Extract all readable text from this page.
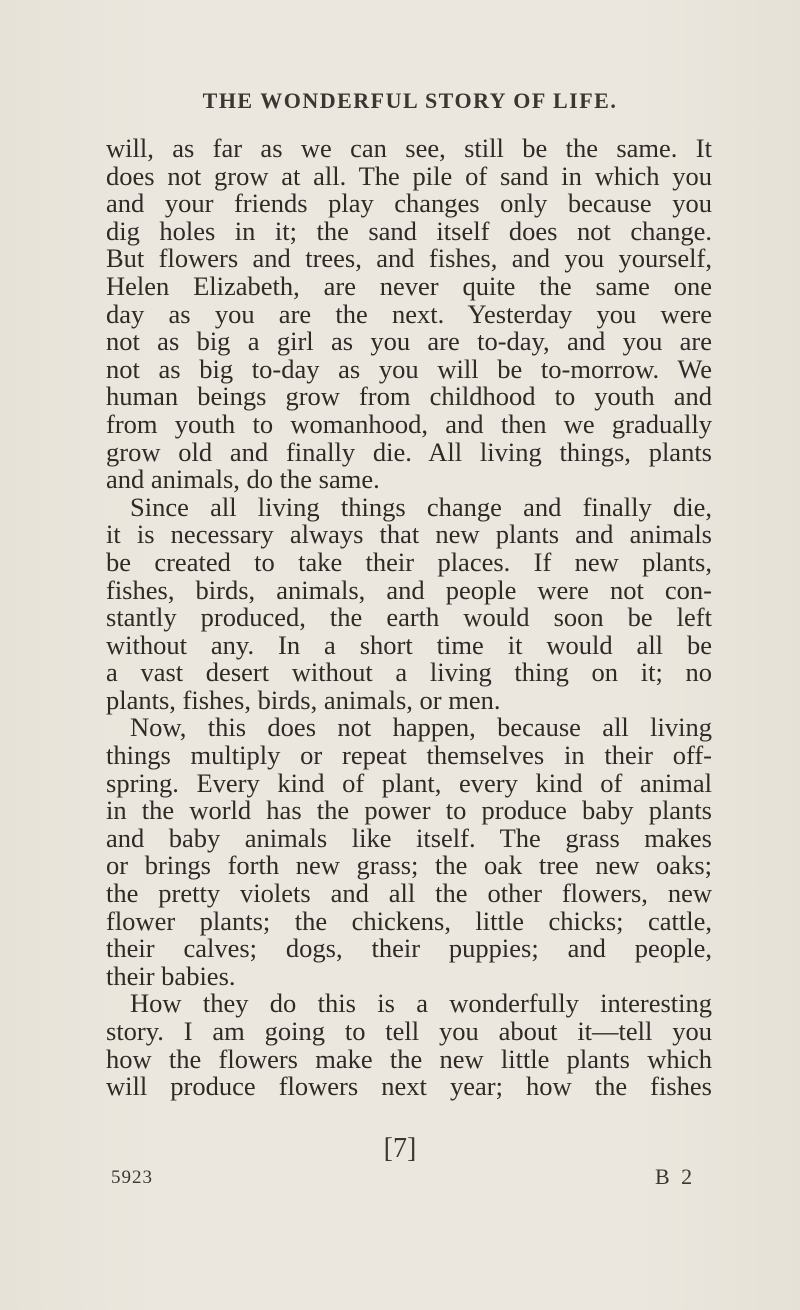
THE WONDERFUL STORY OF LIFE.

will, as far as we can see, still be the same. It
does not grow at all. The pile of sand in which you
and your friends play changes only because you
dig holes in it; the sand itself does not change.
But flowers and trees, and fishes, and you yourself,
Helen Elizabeth, are never quite the same one
day as you are the next. Yesterday you were
not as big a girl as you are to-day, and you are
not as big to-day as you will be to-morrow. We
human beings grow from childhood to youth and
from youth to womanhood, and then we gradually
grow old and finally die. All living things, plants
and animals, do the same.

Since all living things change and finally die,
it is necessary always that new plants and animals
be created to take their places. If new plants,
fishes, birds, animals, and people were not con-
stantly produced, the earth would soon be left
without any. In a short time it would all be
a vast desert without a living thing on it; no
plants, fishes, birds, animals, or men.

Now, this does not happen, because all living
things multiply or repeat themselves in their off-
spring. Every kind of plant, every kind of animal
in the world has the power to produce baby plants
and baby animals like itself. The grass makes
or brings forth new grass; the oak tree new oaks;
the pretty violets and all the other flowers, new
flower plants; the chickens, little chicks; cattle,
their calves; dogs, their puppies; and people,
their babies.

How they do this is a wonderfully interesting
story. I am going to tell you about it—tell you
how the flowers make the new little plants which
will produce flowers next year; how the fishes

[7]
5923	B 2
